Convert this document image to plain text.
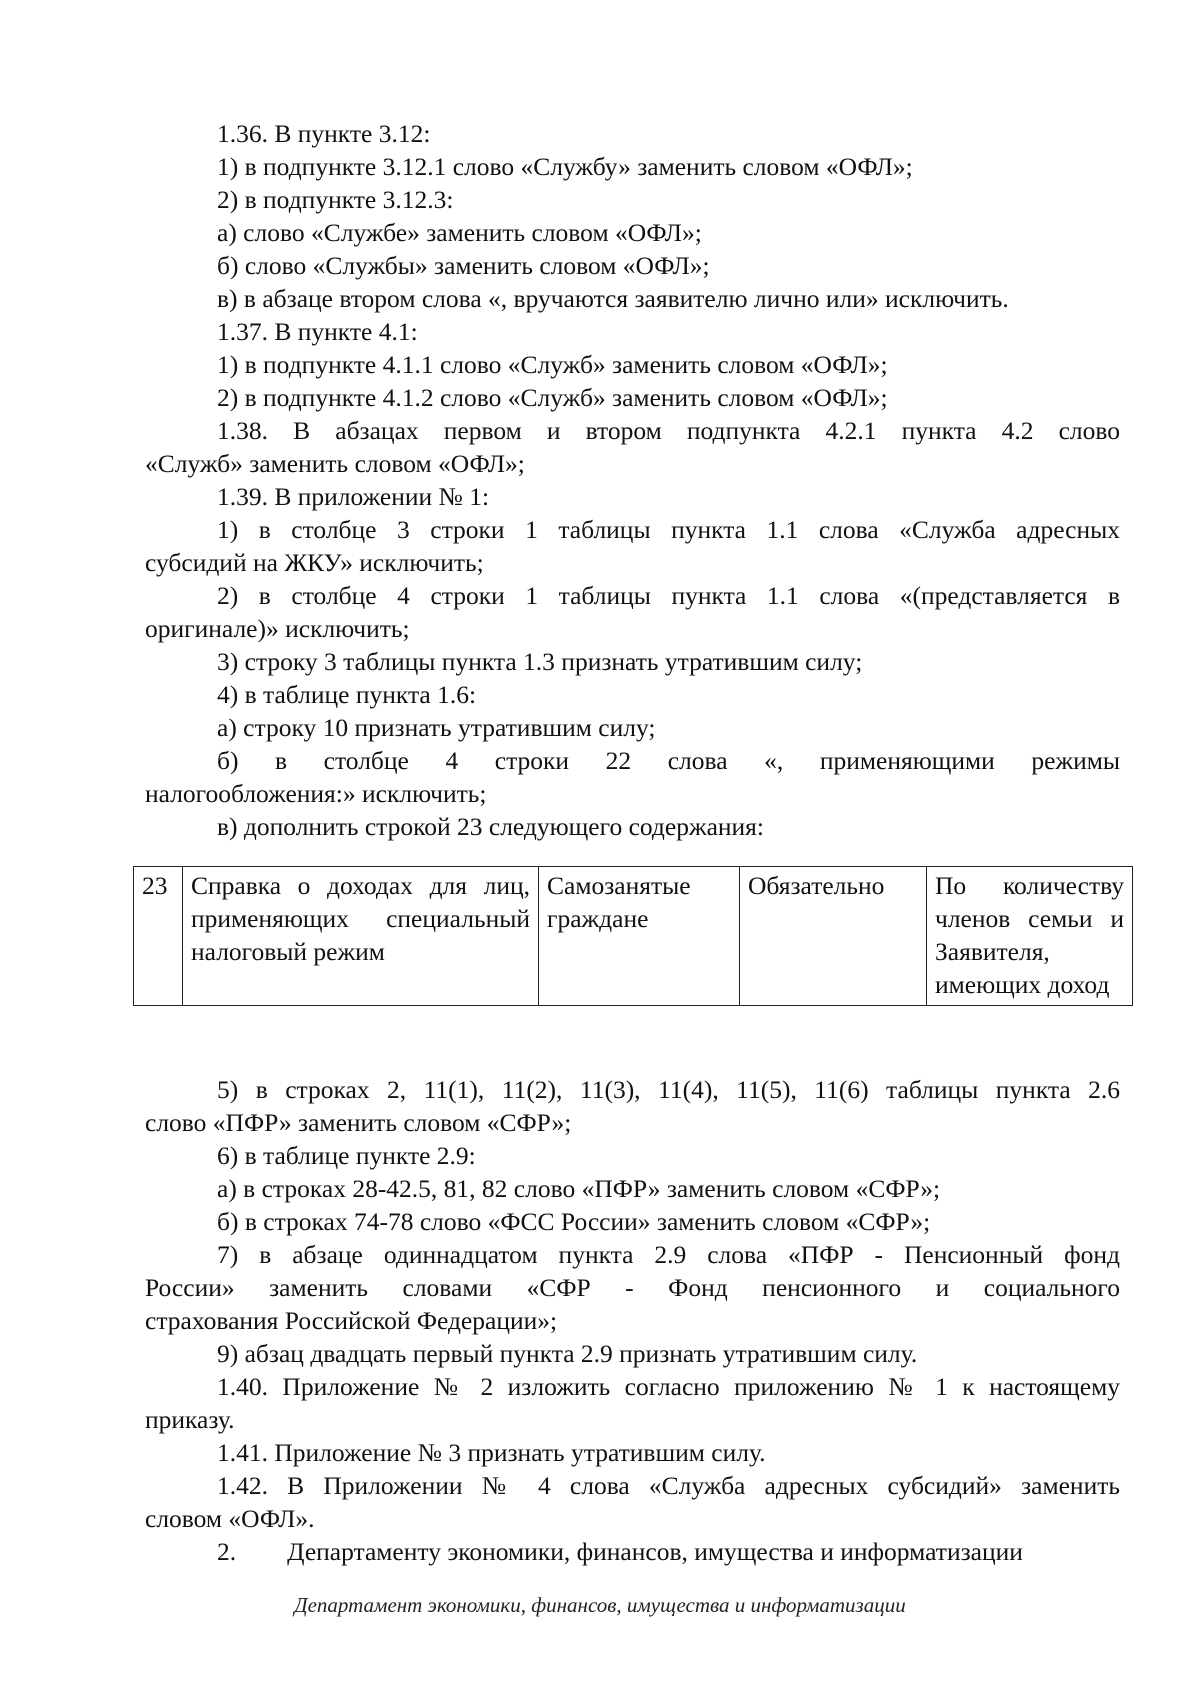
1.36. В пункте 3.12:
1) в подпункте 3.12.1 слово «Службу» заменить словом «ОФЛ»;
2) в подпункте 3.12.3:
а) слово «Службе» заменить словом «ОФЛ»;
б) слово «Службы» заменить словом «ОФЛ»;
в) в абзаце втором слова «, вручаются заявителю лично или» исключить.
1.37. В пункте 4.1:
1) в подпункте 4.1.1 слово «Служб» заменить словом «ОФЛ»;
2) в подпункте 4.1.2 слово «Служб» заменить словом «ОФЛ»;
1.38. В абзацах первом и втором подпункта 4.2.1 пункта 4.2 слово
«Служб» заменить словом «ОФЛ»;
1.39. В приложении № 1:
1) в столбце 3 строки 1 таблицы пункта 1.1 слова «Служба адресных
субсидий на ЖКУ» исключить;
2) в столбце 4 строки 1 таблицы пункта 1.1 слова «(представляется в
оригинале)» исключить;
3) строку 3 таблицы пункта 1.3 признать утратившим силу;
4) в таблице пункта 1.6:
а) строку 10 признать утратившим силу;
б) в столбце 4 строки 22 слова «, применяющими режимы
налогообложения:» исключить;
в) дополнить строкой 23 следующего содержания:
23	Справка о доходах для лиц, применяющих специальный налоговый режим	Самозанятые граждане	Обязательно	По количеству членов семьи и Заявителя, имеющих доход
5) в строках 2, 11(1), 11(2), 11(3), 11(4), 11(5), 11(6) таблицы пункта 2.6
слово «ПФР» заменить словом «СФР»;
6) в таблице пункте 2.9:
а) в строках 28-42.5, 81, 82 слово «ПФР» заменить словом «СФР»;
б) в строках 74-78 слово «ФСС России» заменить словом «СФР»;
7) в абзаце одиннадцатом пункта 2.9 слова «ПФР - Пенсионный фонд
России» заменить словами «СФР - Фонд пенсионного и социального
страхования Российской Федерации»;
9) абзац двадцать первый пункта 2.9 признать утратившим силу.
1.40. Приложение № 2 изложить согласно приложению № 1 к настоящему
приказу.
1.41. Приложение № 3 признать утратившим силу.
1.42. В Приложении № 4 слова «Служба адресных субсидий» заменить
словом «ОФЛ».
2.        Департаменту экономики, финансов, имущества и информатизации
Департамент экономики, финансов, имущества и информатизации
